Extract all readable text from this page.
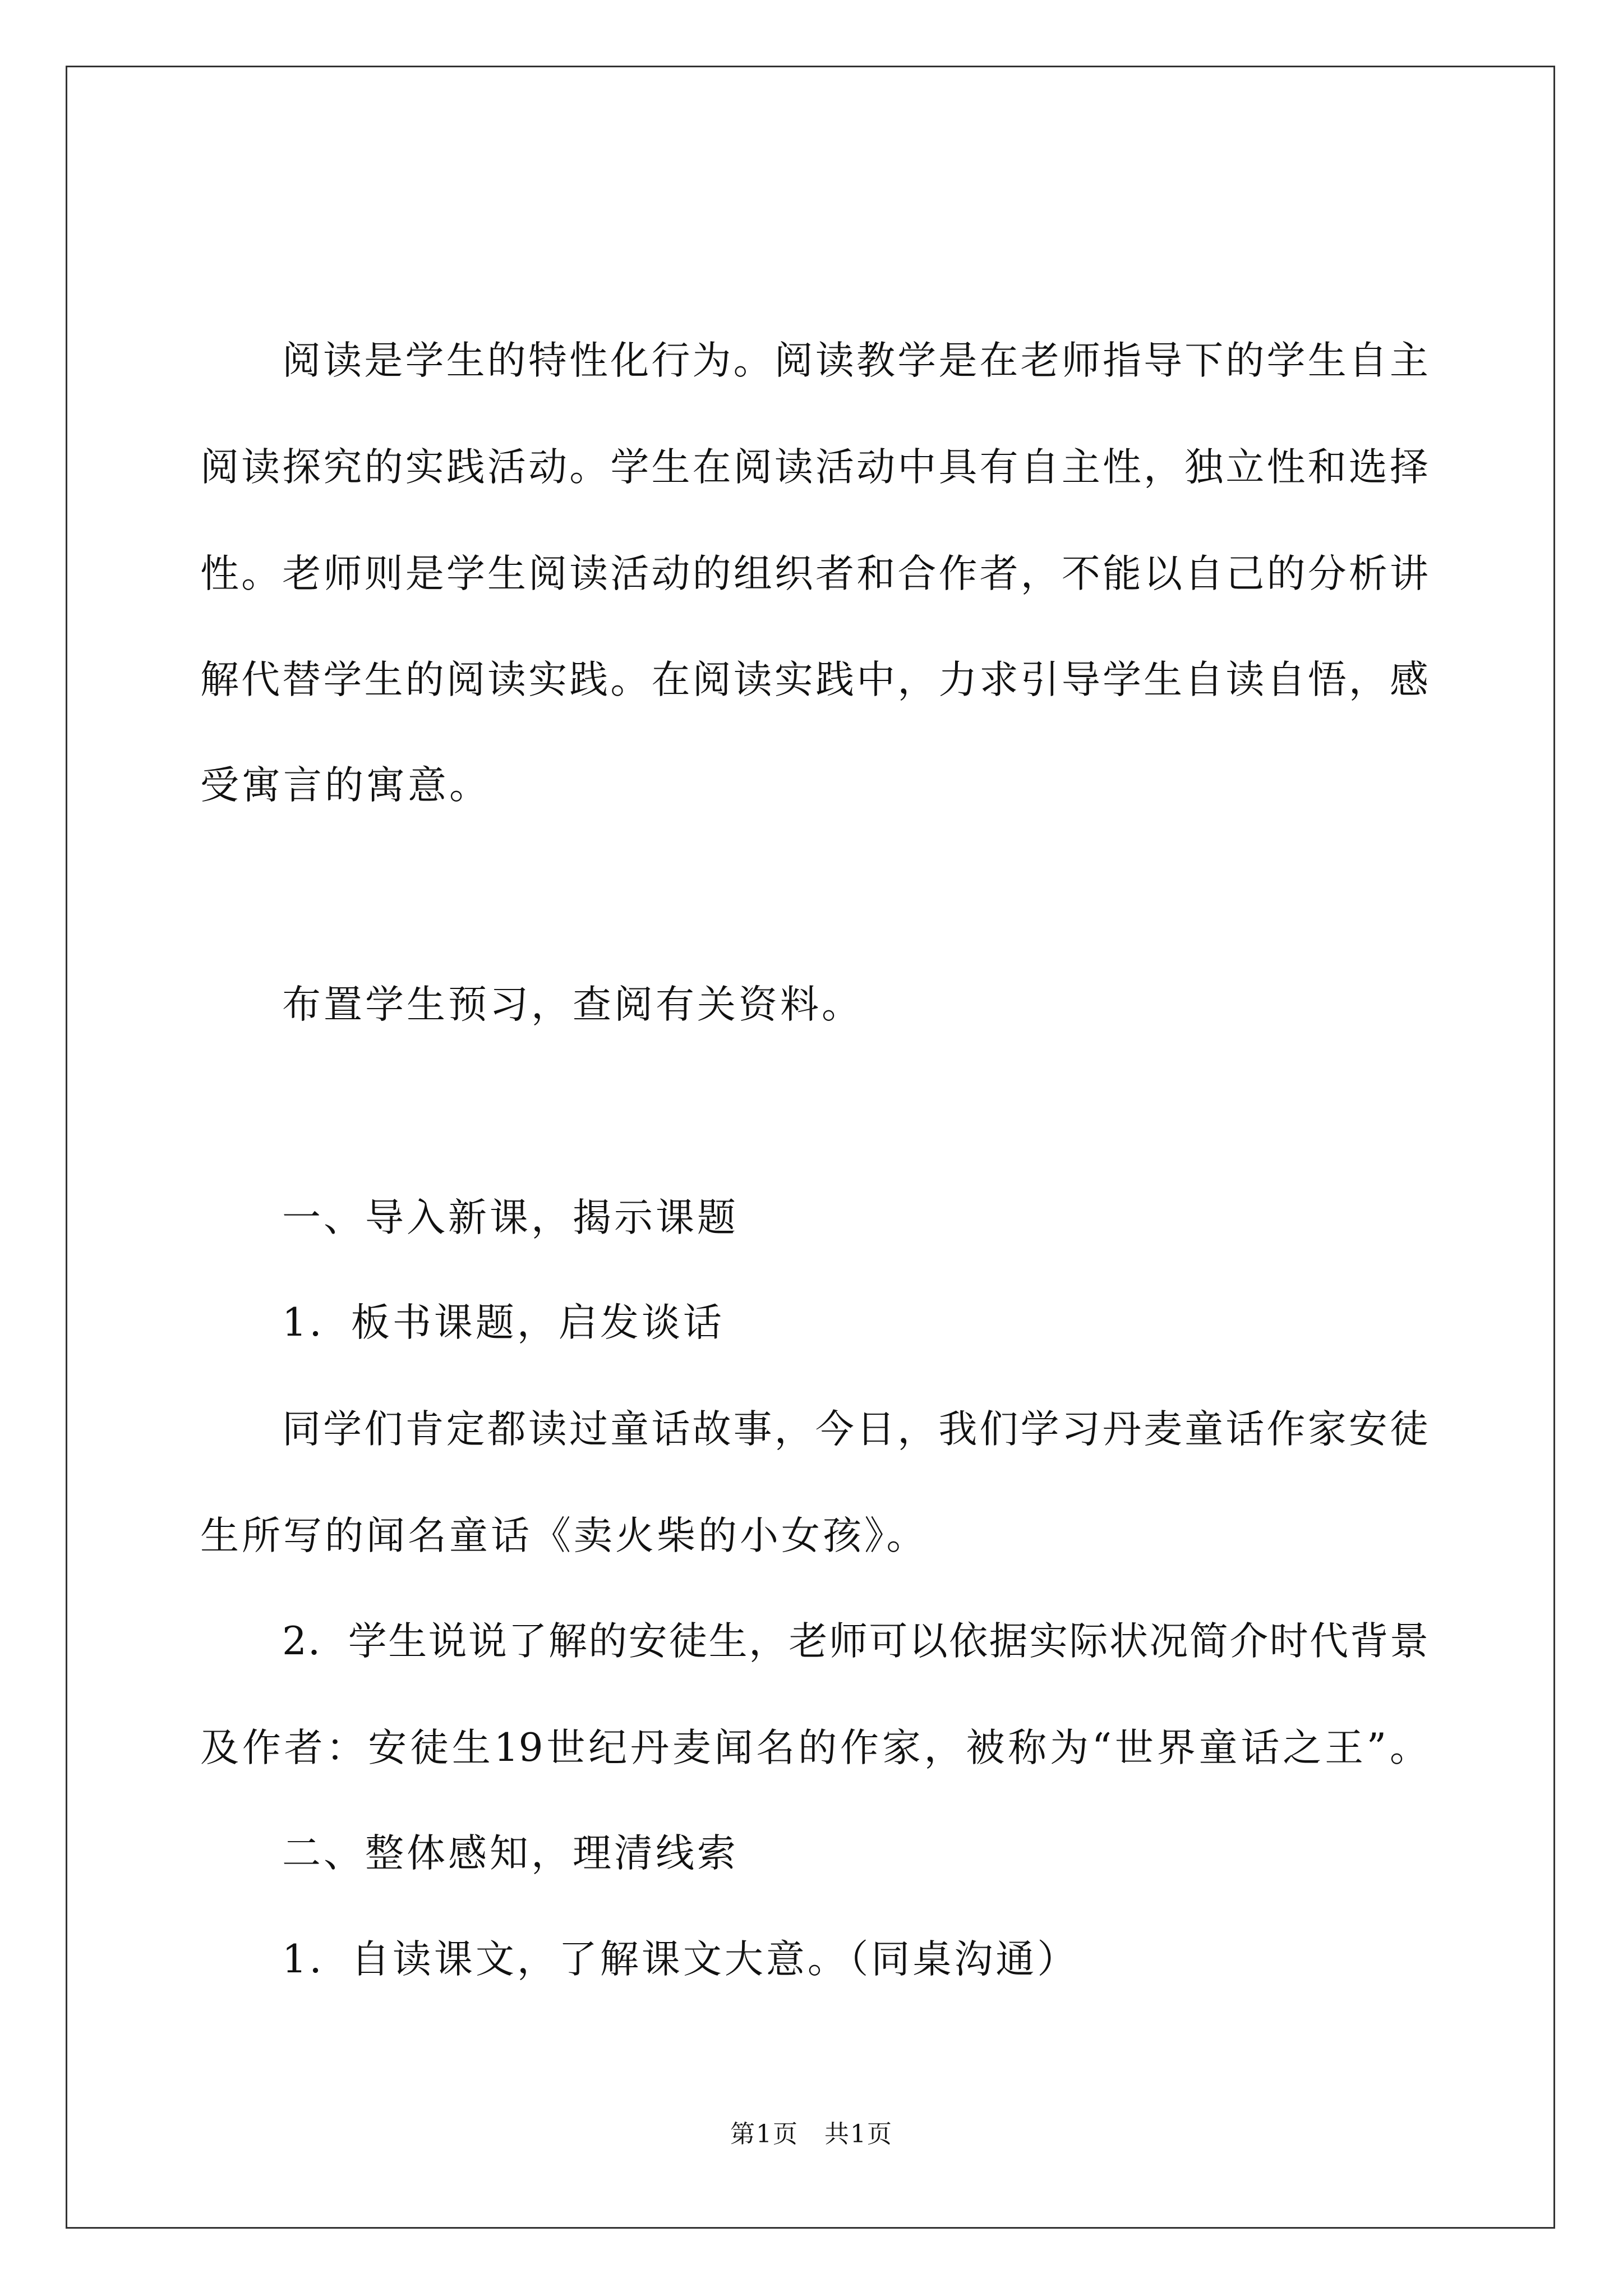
阅读是学生的特性化行为。阅读教学是在老师指导下的学生自主
阅读探究的实践活动。学生在阅读活动中具有自主性，独立性和选择
性。老师则是学生阅读活动的组织者和合作者，不能以自己的分析讲
解代替学生的阅读实践。在阅读实践中，力求引导学生自读自悟，感
受寓言的寓意。
布置学生预习，查阅有关资料。
一、导入新课，揭示课题
1．板书课题，启发谈话
同学们肯定都读过童话故事，今日，我们学习丹麦童话作家安徒
生所写的闻名童话《卖火柴的小女孩》。
2．学生说说了解的安徒生，老师可以依据实际状况简介时代背景
及作者：安徒生19世纪丹麦闻名的作家，被称为“世界童话之王”。
二、整体感知，理清线索
1．自读课文，了解课文大意。（同桌沟通）
第1页　共1页
